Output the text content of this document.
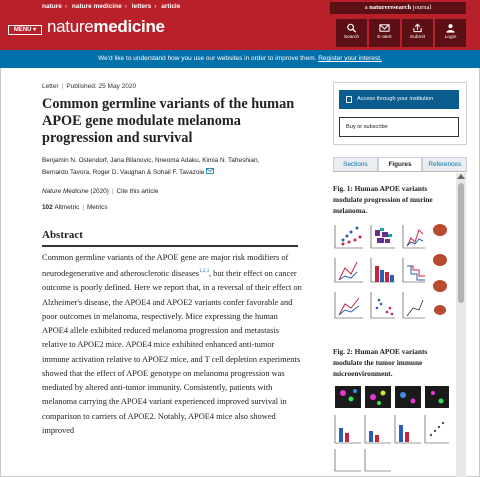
nature › nature medicine › letters › article	a natureresearch journal
MENU ▾ naturemedicine
Search	E-alert	Submit	Login
We'd like to understand how you use our websites in order to improve them. Register your interest.
Letter | Published: 25 May 2020
Common germline variants of the human APOE gene modulate melanoma progression and survival
Benjamin N. Ostendorf, Jana Bilanovic, Nneoma Adaku, Kimia N. Tafreshian,
Bernardo Tavora, Roger D. Vaughan & Sohail F. Tavazoie
Nature Medicine (2020) | Cite this article
102 Altmetric | Metrics
Abstract
Common germline variants of the APOE gene are major risk modifiers of neurodegenerative and atherosclerotic diseases$^{1,2,3}$, but their effect on cancer outcome is poorly defined. Here we report that, in a reversal of their effect on Alzheimer's disease, the APOE4 and APOE2 variants confer favorable and poor outcomes in melanoma, respectively. Mice expressing the human APOE4 allele exhibited reduced melanoma progression and metastasis relative to APOE2 mice. APOE4 mice exhibited enhanced anti-tumor immune activation relative to APOE2 mice, and T cell depletion experiments showed that the effect of APOE genotype on melanoma progression was mediated by altered anti-tumor immunity. Consistently, patients with melanoma carrying the APOE4 variant experienced improved survival in comparison to carriers of APOE2. Notably, APOE4 mice also showed improved
Access through your institution
Buy or subscribe
Sections	Figures	References
Fig. 1: Human APOE variants modulate progression of murine melanoma.
Fig. 2: Human APOE variants modulate the tumor immune microenvironment.
